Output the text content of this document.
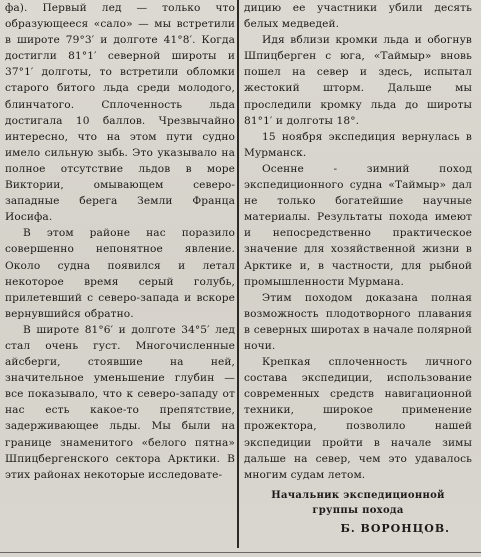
фа). Первый лед — только что образующееся «сало» — мы встретили в широте 79°3′ и долготе 41°8′. Когда достигли 81°1′ северной широты и 37°1′ долготы, то встретили обломки старого битого льда среди молодого, блинчатого. Сплоченность льда достигала 10 баллов. Чрезвычайно интересно, что на этом пути судно имело сильную зыбь. Это указывало на полное отсутствие льдов в море Виктории, омывающем северо-западные берега Земли Франца Иосифа.

В этом районе нас поразило совершенно непонятное явление. Около судна появился и летал некоторое время серый голубь, прилетевший с северо-запада и вскоре вернувшийся обратно.

В широте 81°6′ и долготе 34°5′ лед стал очень густ. Многочисленные айсберги, стоявшие на ней, значительное уменьшение глубин — все показывало, что к северо-западу от нас есть какое-то препятствие, задерживающее льды. Мы были на границе знаменитого «белого пятна» Шпицбергенского сектора Арктики. В этих районах некоторые исследовате-

дицию ее участники убили десять белых медведей.

Идя вблизи кромки льда и обогнув Шпицберген с юга, «Таймыр» вновь пошел на север и здесь, испытал жестокий шторм. Дальше мы проследили кромку льда до широты 81°1′ и долготы 18°.

15 ноября экспедиция вернулась в Мурманск.

Осенне - зимний поход экспедиционного судна «Таймыр» дал не только богатейшие научные материалы. Результаты похода имеют и непосредственно практическое значение для хозяйственной жизни в Арктике и, в частности, для рыбной промышленности Мурмана.

Этим походом доказана полная возможность плодотворного плавания в северных широтах в начале полярной ночи.

Крепкая сплоченность личного состава экспедиции, использование современных средств навигационной техники, широкое применение прожектора, позволило нашей экспедиции пройти в начале зимы дальше на север, чем это удавалось многим судам летом.

Начальник экспедиционной
группы похода
Б. ВОРОНЦОВ.
